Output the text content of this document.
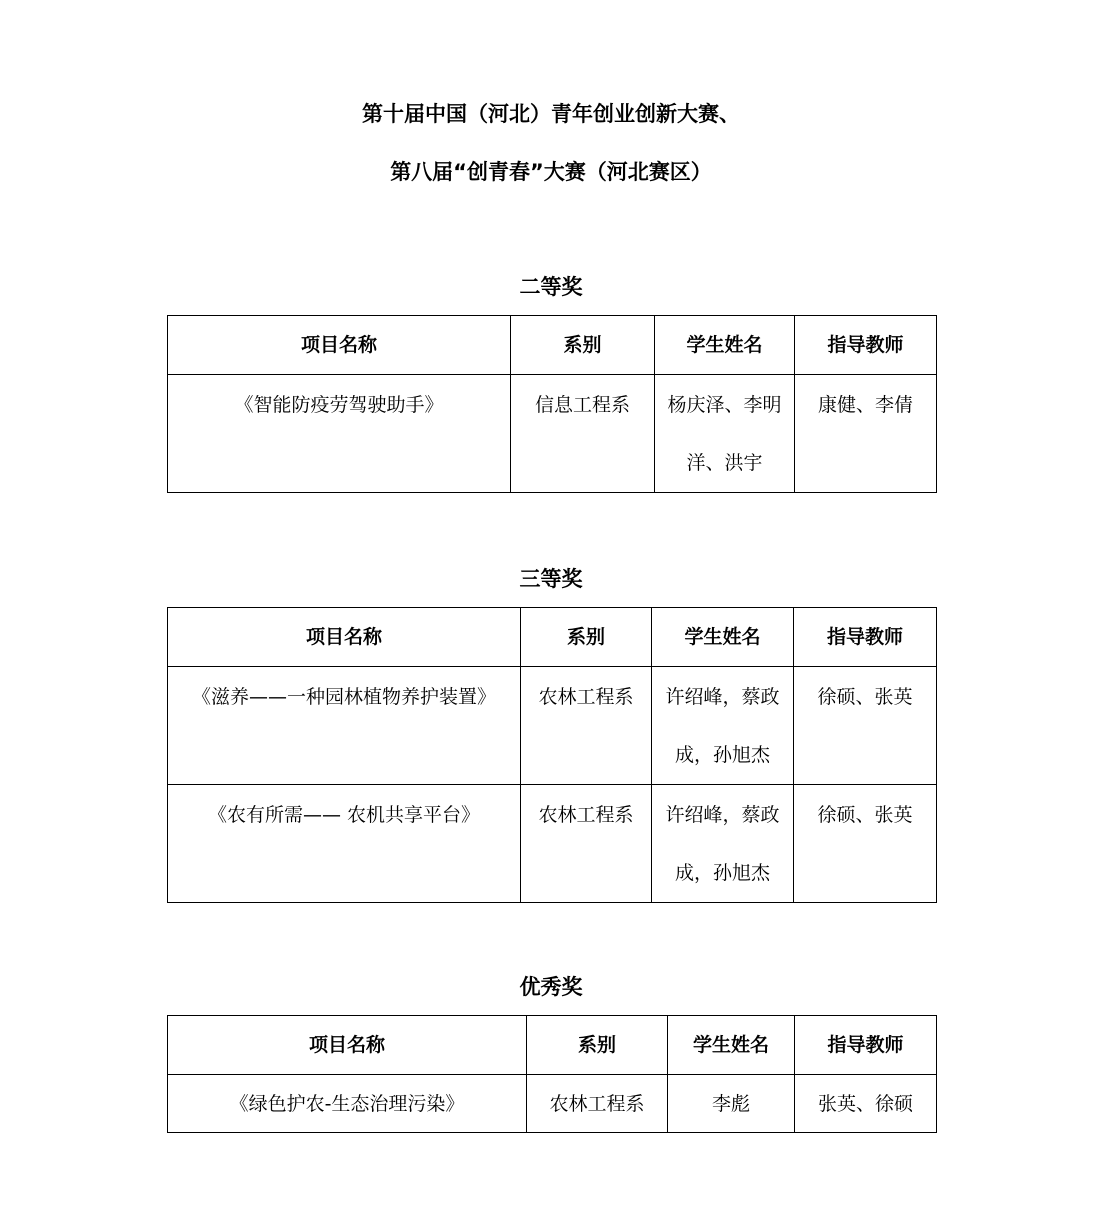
第十届中国（河北）青年创业创新大赛、
第八届“创青春”大赛（河北赛区）
二等奖
项目名称	系别	学生姓名	指导教师
《智能防疫劳驾驶助手》	信息工程系	杨庆泽、李明洋、洪宇	康健、李倩
三等奖
项目名称	系别	学生姓名	指导教师
《滋养——一种园林植物养护装置》	农林工程系	许绍峰，蔡政成，孙旭杰	徐硕、张英
《农有所需—— 农机共享平台》	农林工程系	许绍峰，蔡政成，孙旭杰	徐硕、张英
优秀奖
项目名称	系别	学生姓名	指导教师
《绿色护农-生态治理污染》	农林工程系	李彪	张英、徐硕
